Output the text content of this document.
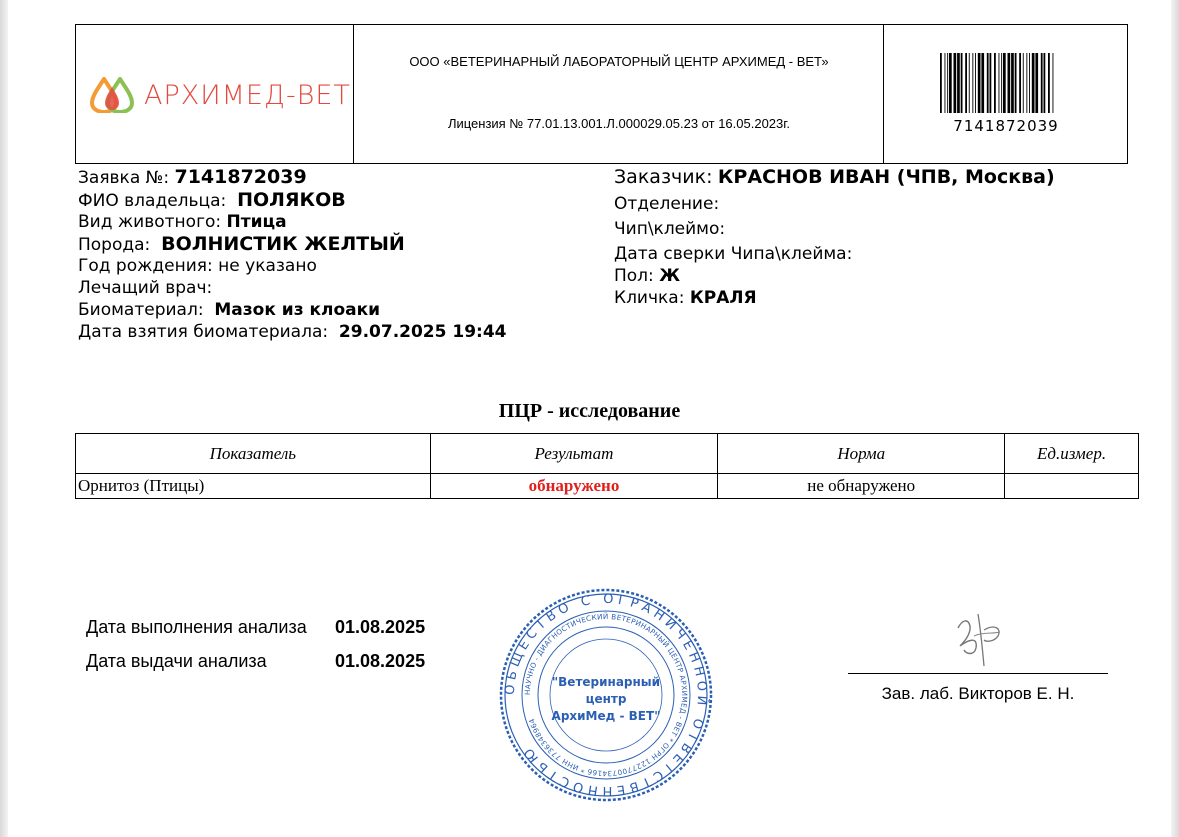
АРХИМЕД-ВЕТ
ООО «ВЕТЕРИНАРНЫЙ ЛАБОРАТОРНЫЙ ЦЕНТР АРХИМЕД - ВЕТ»
Лицензия № 77.01.13.001.Л.000029.05.23 от 16.05.2023г.	7141872039
Заявка №: 7141872039
ФИО владельца: ПОЛЯКОВ
Вид животного: Птица
Порода: ВОЛНИСТИК ЖЕЛТЫЙ
Год рождения: не указано
Лечащий врач:
Биоматериал: Мазок из клоаки
Дата взятия биоматериала: 29.07.2025 19:44
Заказчик: КРАСНОВ ИВАН (ЧПВ, Москва)
Отделение:
Чип\клеймо:
Дата сверки Чипа\клейма:
Пол: Ж
Кличка: КРАЛЯ
ПЦР - исследование
Показатель	Результат	Норма	Ед.измер.
Орнитоз (Птицы)	обнаружено	не обнаружено	
Дата выполнения анализа 01.08.2025
Дата выдачи анализа	01.08.2025
ОБЩЕСТВО С ОГРАНИЧЕННОЙ ОТВЕТСТВЕННОСТЬЮ
НАУЧНО - ДИАГНОСТИЧЕСКИЙ ВЕТЕРИНАРНЫЙ ЦЕНТР АРХИМЕД - ВЕТ * ОГРН 1227700734166 * ИНН 7736348964
"Ветеринарный
центр
АрхиМед - ВЕТ"
Зав. лаб. Викторов Е. Н.
